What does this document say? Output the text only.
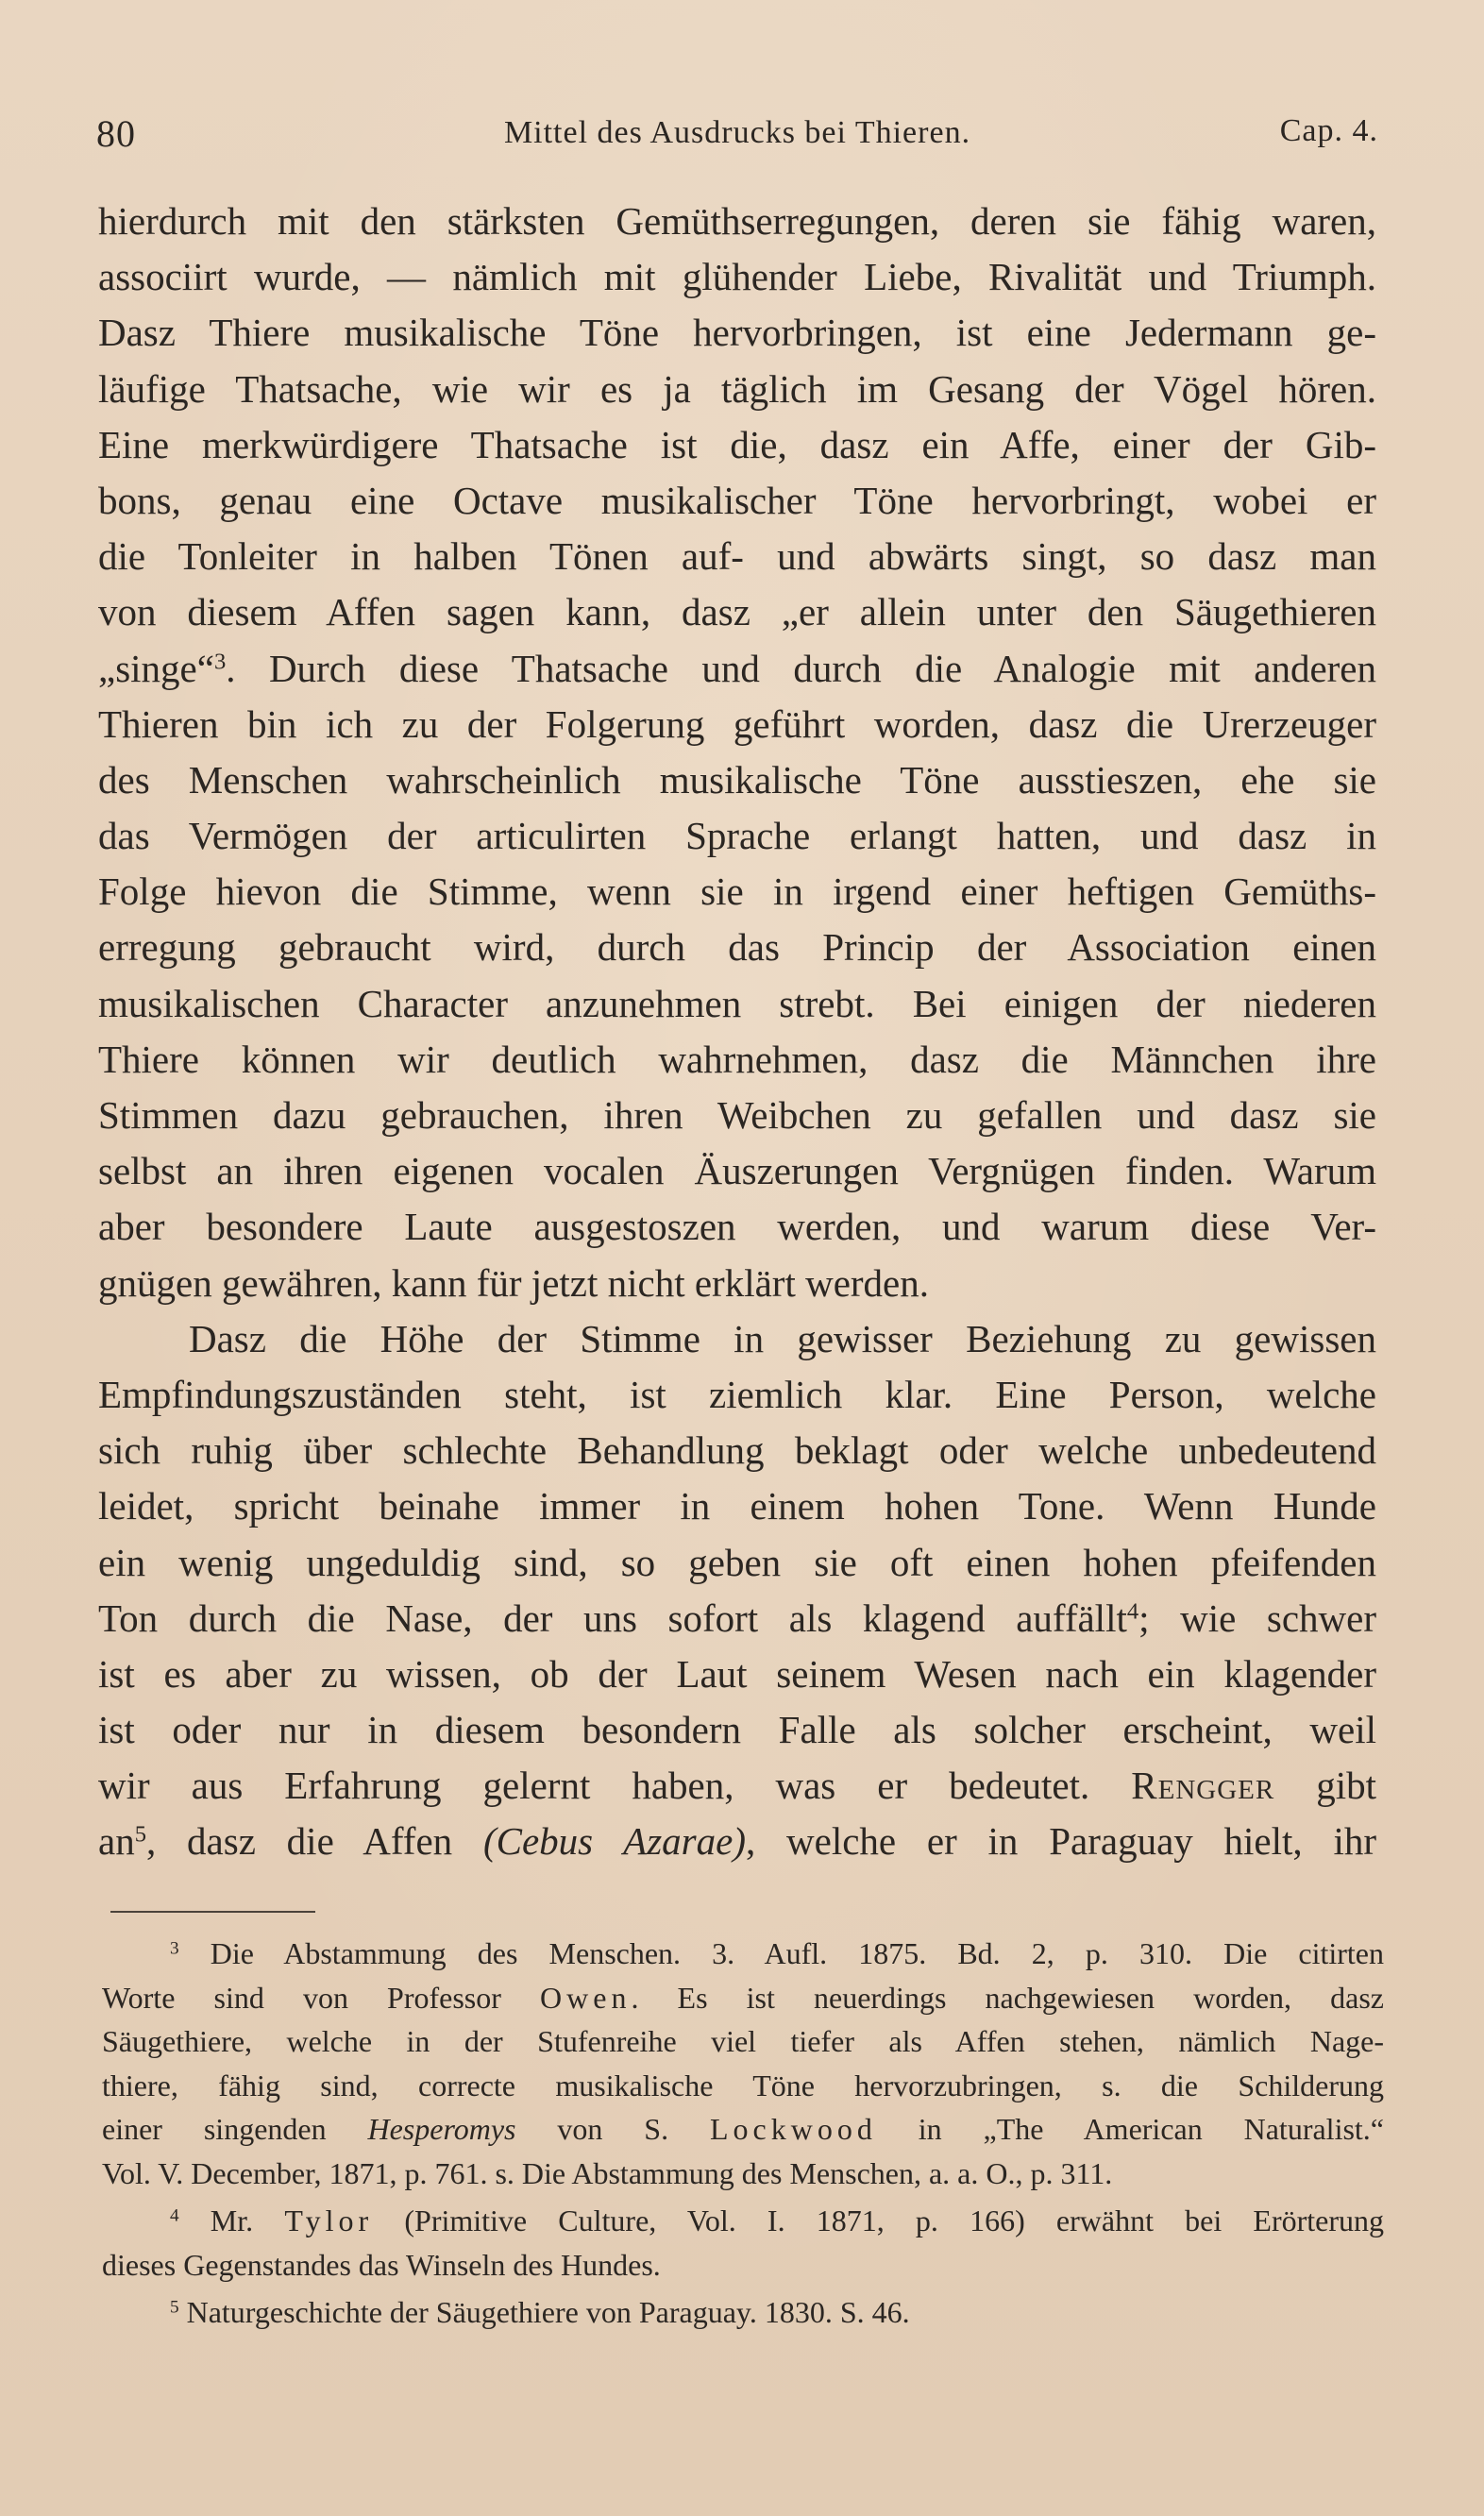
80	Mittel des Ausdrucks bei Thieren.	Cap. 4.
hierdurch mit den stärksten Gemüthserregungen, deren sie fähig waren,
associirt wurde, — nämlich mit glühender Liebe, Rivalität und Triumph.
Dasz Thiere musikalische Töne hervorbringen, ist eine Jedermann ge-
läufige Thatsache, wie wir es ja täglich im Gesang der Vögel hören.
Eine merkwürdigere Thatsache ist die, dasz ein Affe, einer der Gib-
bons, genau eine Octave musikalischer Töne hervorbringt, wobei er
die Tonleiter in halben Tönen auf- und abwärts singt, so dasz man
von diesem Affen sagen kann, dasz „er allein unter den Säugethieren
„singe“$^3$. Durch diese Thatsache und durch die Analogie mit anderen
Thieren bin ich zu der Folgerung geführt worden, dasz die Urerzeuger
des Menschen wahrscheinlich musikalische Töne ausstieszen, ehe sie
das Vermögen der articulirten Sprache erlangt hatten, und dasz in
Folge hievon die Stimme, wenn sie in irgend einer heftigen Gemüths-
erregung gebraucht wird, durch das Princip der Association einen
musikalischen Character anzunehmen strebt. Bei einigen der niederen
Thiere können wir deutlich wahrnehmen, dasz die Männchen ihre
Stimmen dazu gebrauchen, ihren Weibchen zu gefallen und dasz sie
selbst an ihren eigenen vocalen Äuszerungen Vergnügen finden. Warum
aber besondere Laute ausgestoszen werden, und warum diese Ver-
gnügen gewähren, kann für jetzt nicht erklärt werden.
Dasz die Höhe der Stimme in gewisser Beziehung zu gewissen
Empfindungszuständen steht, ist ziemlich klar. Eine Person, welche
sich ruhig über schlechte Behandlung beklagt oder welche unbedeutend
leidet, spricht beinahe immer in einem hohen Tone. Wenn Hunde
ein wenig ungeduldig sind, so geben sie oft einen hohen pfeifenden
Ton durch die Nase, der uns sofort als klagend auffällt$^4$; wie schwer
ist es aber zu wissen, ob der Laut seinem Wesen nach ein klagender
ist oder nur in diesem besondern Falle als solcher erscheint, weil
wir aus Erfahrung gelernt haben, was er bedeutet. Rengger gibt
$an^5$, dasz die Affen (Cebus Azarae), welche er in Paraguay hielt, ihr
$^3$ Die Abstammung des Menschen. 3. Aufl. 1875. Bd. 2, p. 310. Die citirten
Worte sind von Professor Owen. Es ist neuerdings nachgewiesen worden, dasz
Säugethiere, welche in der Stufenreihe viel tiefer als Affen stehen, nämlich Nage-
thiere, fähig sind, correcte musikalische Töne hervorzubringen, s. die Schilderung
einer singenden Hesperomys von S. Lockwood in „The American Naturalist.“
Vol. V. December, 1871, p. 761. s. Die Abstammung des Menschen, a. a. O., p. 311.
$^4$ Mr. Tylor (Primitive Culture, Vol. I. 1871, p. 166) erwähnt bei Erörterung
dieses Gegenstandes das Winseln des Hundes.
$^5$ Naturgeschichte der Säugethiere von Paraguay. 1830. S. 46.
